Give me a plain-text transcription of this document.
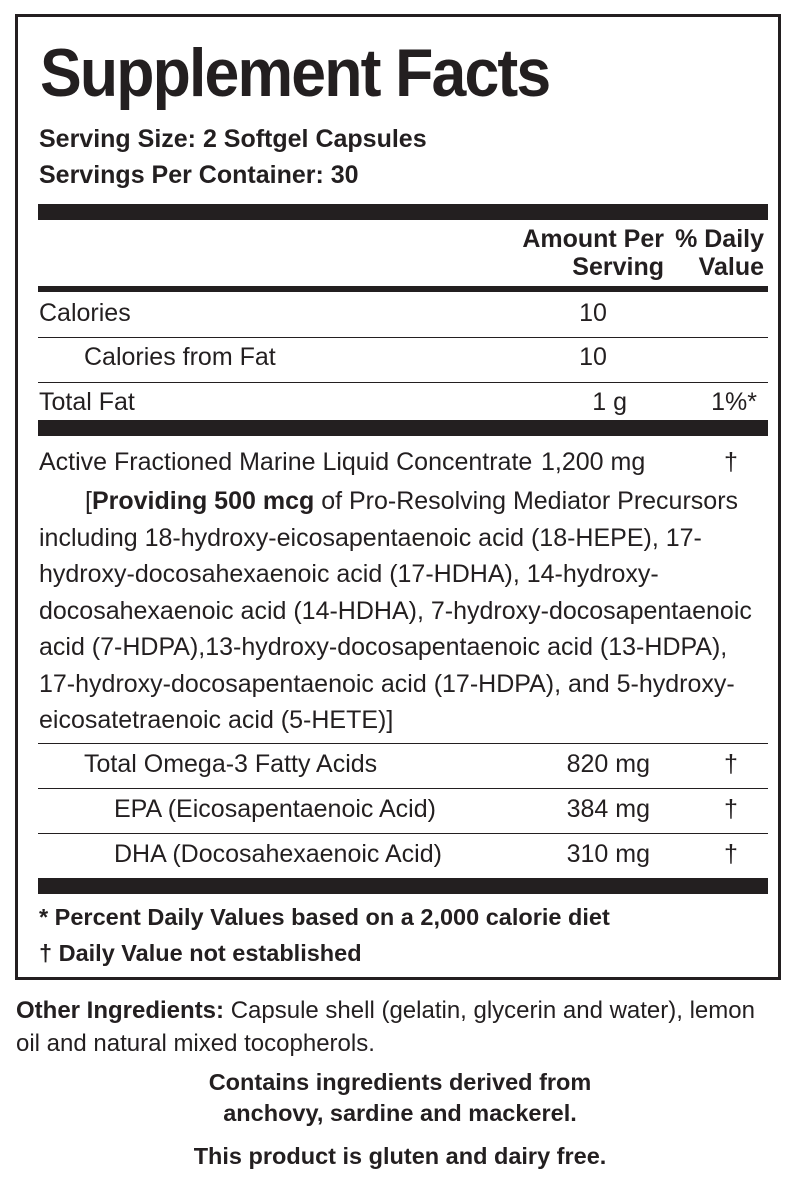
Supplement Facts
Serving Size: 2 Softgel Capsules
Servings Per Container: 30
Amount Per
Serving
% Daily
Value
Calories	10
Calories from Fat	10
Total Fat	1 g	1%*
Active Fractioned Marine Liquid Concentrate 1,200 mg	†
[Providing 500 mcg of Pro-Resolving Mediator Precursors including 18-hydroxy-eicosapentaenoic acid (18-HEPE), 17-hydroxy-docosahexaenoic acid (17-HDHA), 14-hydroxy-docosahexaenoic acid (14-HDHA), 7-hydroxy-docosapentaenoic acid (7-HDPA),13-hydroxy-docosapentaenoic acid (13-HDPA), 17-hydroxy-docosapentaenoic acid (17-HDPA), and 5-hydroxy-eicosatetraenoic acid (5-HETE)]
Total Omega-3 Fatty Acids	820 mg	†
EPA (Eicosapentaenoic Acid)	384 mg	†
DHA (Docosahexaenoic Acid)	310 mg	†
* Percent Daily Values based on a 2,000 calorie diet
† Daily Value not established
Other Ingredients: Capsule shell (gelatin, glycerin and water), lemon oil and natural mixed tocopherols.
Contains ingredients derived from
anchovy, sardine and mackerel.
This product is gluten and dairy free.
